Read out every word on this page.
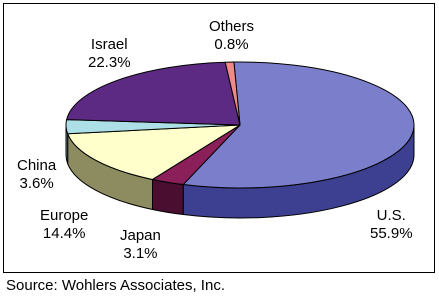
Others
0.8%
Israel
22.3%
China
3.6%
Europe
14.4% Japan
3.1%
U.S.
55.9%
Source: Wohlers Associates, Inc.
